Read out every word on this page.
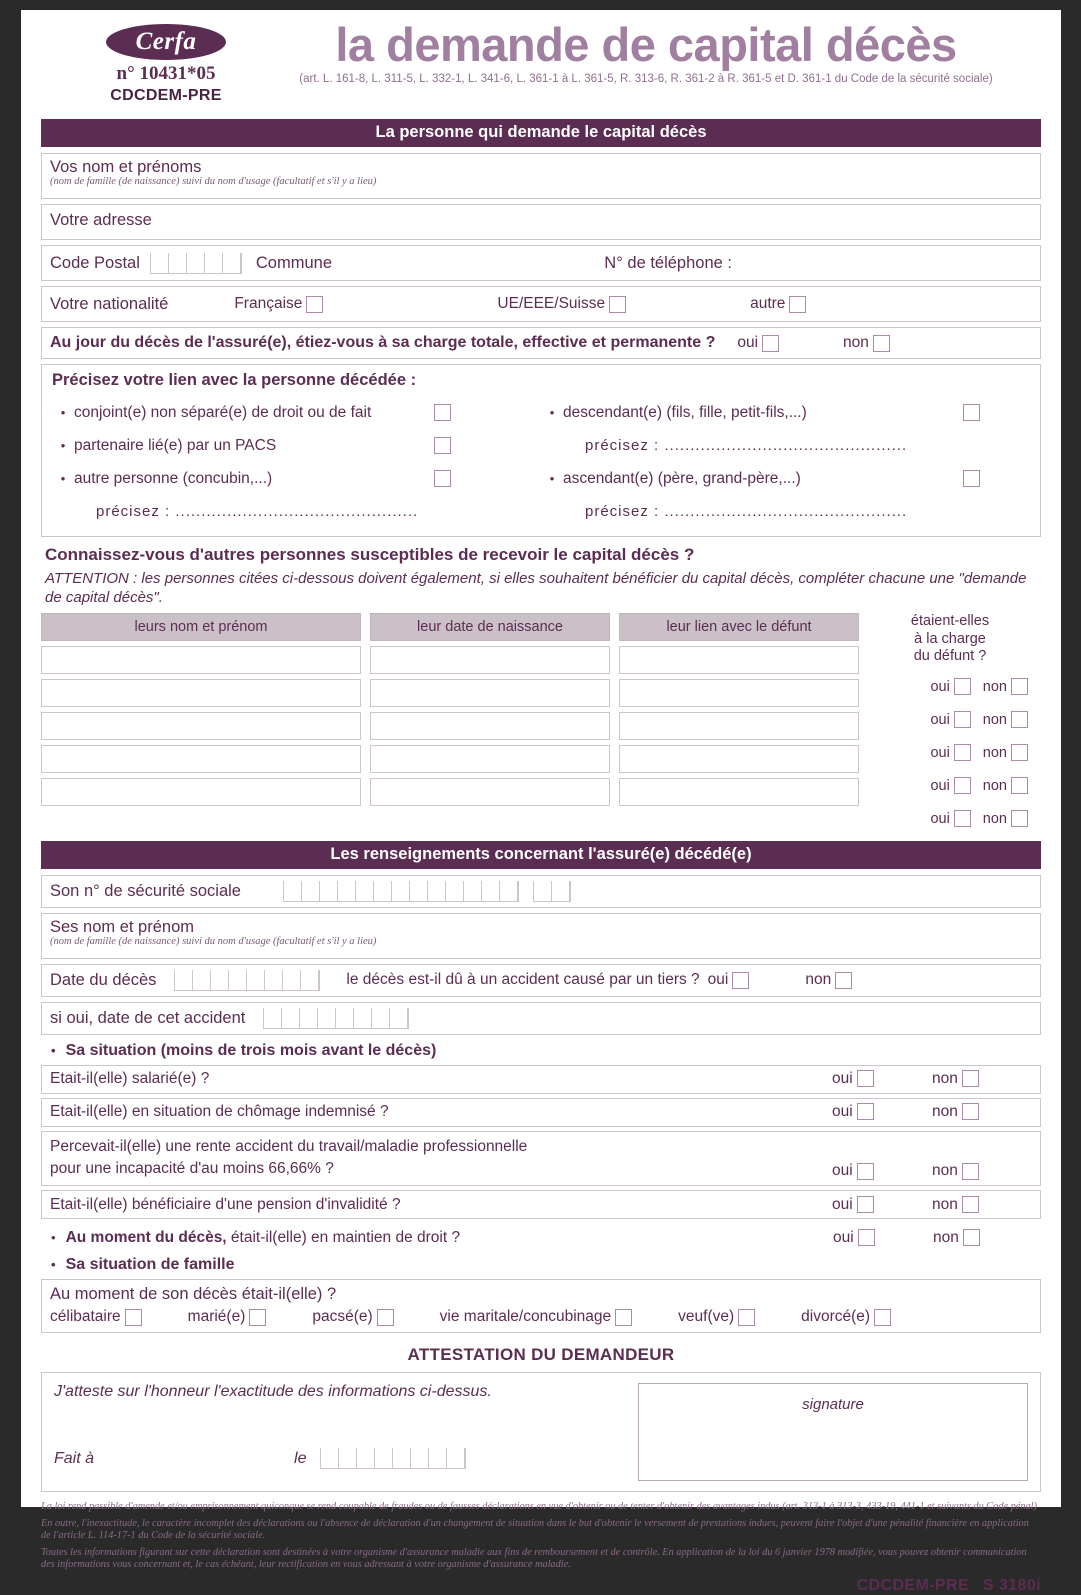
Cerfa
n° 10431*05
CDCDEM-PRE
la demande de capital décès
(art. L. 161-8, L. 311-5, L. 332-1, L. 341-6, L. 361-1 à L. 361-5, R. 313-6, R. 361-2 à R. 361-5 et D. 361-1 du Code de la sécurité sociale)
La personne qui demande le capital décès
Vos nom et prénoms
(nom de famille (de naissance) suivi du nom d'usage (facultatif et s'il y a lieu)
Votre adresse
Code Postal	Commune	N° de téléphone :
Votre nationalité	Française	UE/EEE/Suisse	autre
Au jour du décès de l'assuré(e), étiez-vous à sa charge totale, effective et permanente ? oui	non
Précisez votre lien avec la personne décédée :
• conjoint(e) non séparé(e) de droit ou de fait
• partenaire lié(e) par un PACS
• autre personne (concubin,...)
précisez : ...............................................
• descendant(e) (fils, fille, petit-fils,...)
précisez : ...............................................
• ascendant(e) (père, grand-père,...)
précisez : ...............................................
Connaissez-vous d'autres personnes susceptibles de recevoir le capital décès ?
ATTENTION : les personnes citées ci-dessous doivent également, si elles souhaitent bénéficier du capital décès, compléter chacune une "demande de capital décès".
leurs nom et prénom	leur date de naissance	leur lien avec le défunt	étaient-elles
à la charge
du défunt ?
oui non
oui non
oui non
oui non
oui non
Les renseignements concernant l'assuré(e) décédé(e)
Son n° de sécurité sociale
Ses nom et prénom
(nom de famille (de naissance) suivi du nom d'usage (facultatif et s'il y a lieu)
Date du décès	le décès est-il dû à un accident causé par un tiers ? oui	non
si oui, date de cet accident
• Sa situation (moins de trois mois avant le décès)
Etait-il(elle) salarié(e) ?	oui	non
Etait-il(elle) en situation de chômage indemnisé ?	oui	non
Percevait-il(elle) une rente accident du travail/maladie professionnelle
pour une incapacité d'au moins 66,66% ?	oui	non
Etait-il(elle) bénéficiaire d'une pension d'invalidité ?	oui	non
• Au moment du décès, était-il(elle) en maintien de droit ?	oui	non
• Sa situation de famille
Au moment de son décès était-il(elle) ?
célibataire	marié(e)	pacsé(e)	vie maritale/concubinage	veuf(ve)	divorcé(e)
ATTESTATION DU DEMANDEUR
J'atteste sur l'honneur l'exactitude des informations ci-dessus.
Fait à	le
signature

La loi rend passible d'amende et/ou emprisonnement quiconque se rend coupable de fraudes ou de fausses déclarations en vue d'obtenir ou de tenter d'obtenir des avantages indus (art. 313-1 à 313-3, 433-19, 441-1 et suivants du Code pénal)

En outre, l'inexactitude, le caractère incomplet des déclarations ou l'absence de déclaration d'un changement de situation dans le but d'obtenir le versement de prestations indues, peuvent faire l'objet d'une pénalité financière en application de l'article L. 114-17-1 du Code de la sécurité sociale.

Toutes les informations figurant sur cette déclaration sont destinées à votre organisme d'assurance maladie aux fins de remboursement et de contrôle. En application de la loi du 6 janvier 1978 modifiée, vous pouvez obtenir communication des informations vous concernant et, le cas échéant, leur rectification en vous adressant à votre organisme d'assurance maladie.

CDCDEM-PRE S 3180i
